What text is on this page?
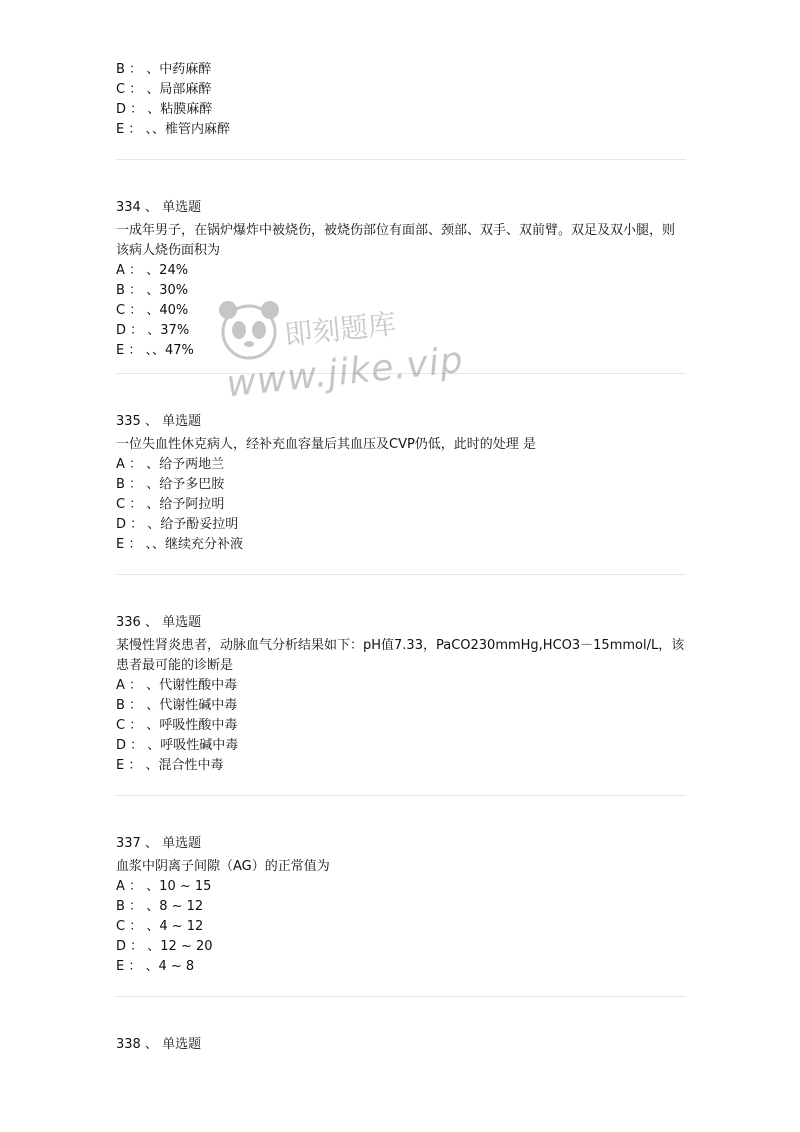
B ： 、中药麻醉
C ： 、局部麻醉
D ： 、粘膜麻醉
E ： 、、椎管内麻醉
334 、 单选题
一成年男子，在锅炉爆炸中被烧伤，被烧伤部位有面部、颈部、双手、双前臂。双足及双小腿，则该病人烧伤面积为
A ： 、24%
B ： 、30%
C ： 、40%
D ： 、37%
E ： 、、47%
335 、 单选题
一位失血性休克病人，经补充血容量后其血压及CVP仍低，此时的处理 是
A ： 、给予两地兰
B ： 、给予多巴胺
C ： 、给予阿拉明
D ： 、给予酚妥拉明
E ： 、、继续充分补液
336 、 单选题
某慢性肾炎患者，动脉血气分析结果如下：pH值7.33，PaCO230mmHg,HCO3－15mmol/L，该患者最可能的诊断是
A ： 、代谢性酸中毒
B ： 、代谢性碱中毒
C ： 、呼吸性酸中毒
D ： 、呼吸性碱中毒
E ： 、混合性中毒
337 、 单选题
血浆中阴离子间隙（AG）的正常值为
A ： 、10 ~ 15
B ： 、8 ~ 12
C ： 、4 ~ 12
D ： 、12 ~ 20
E ： 、4 ~ 8
338 、 单选题
即刻题库
www.jike.vip
